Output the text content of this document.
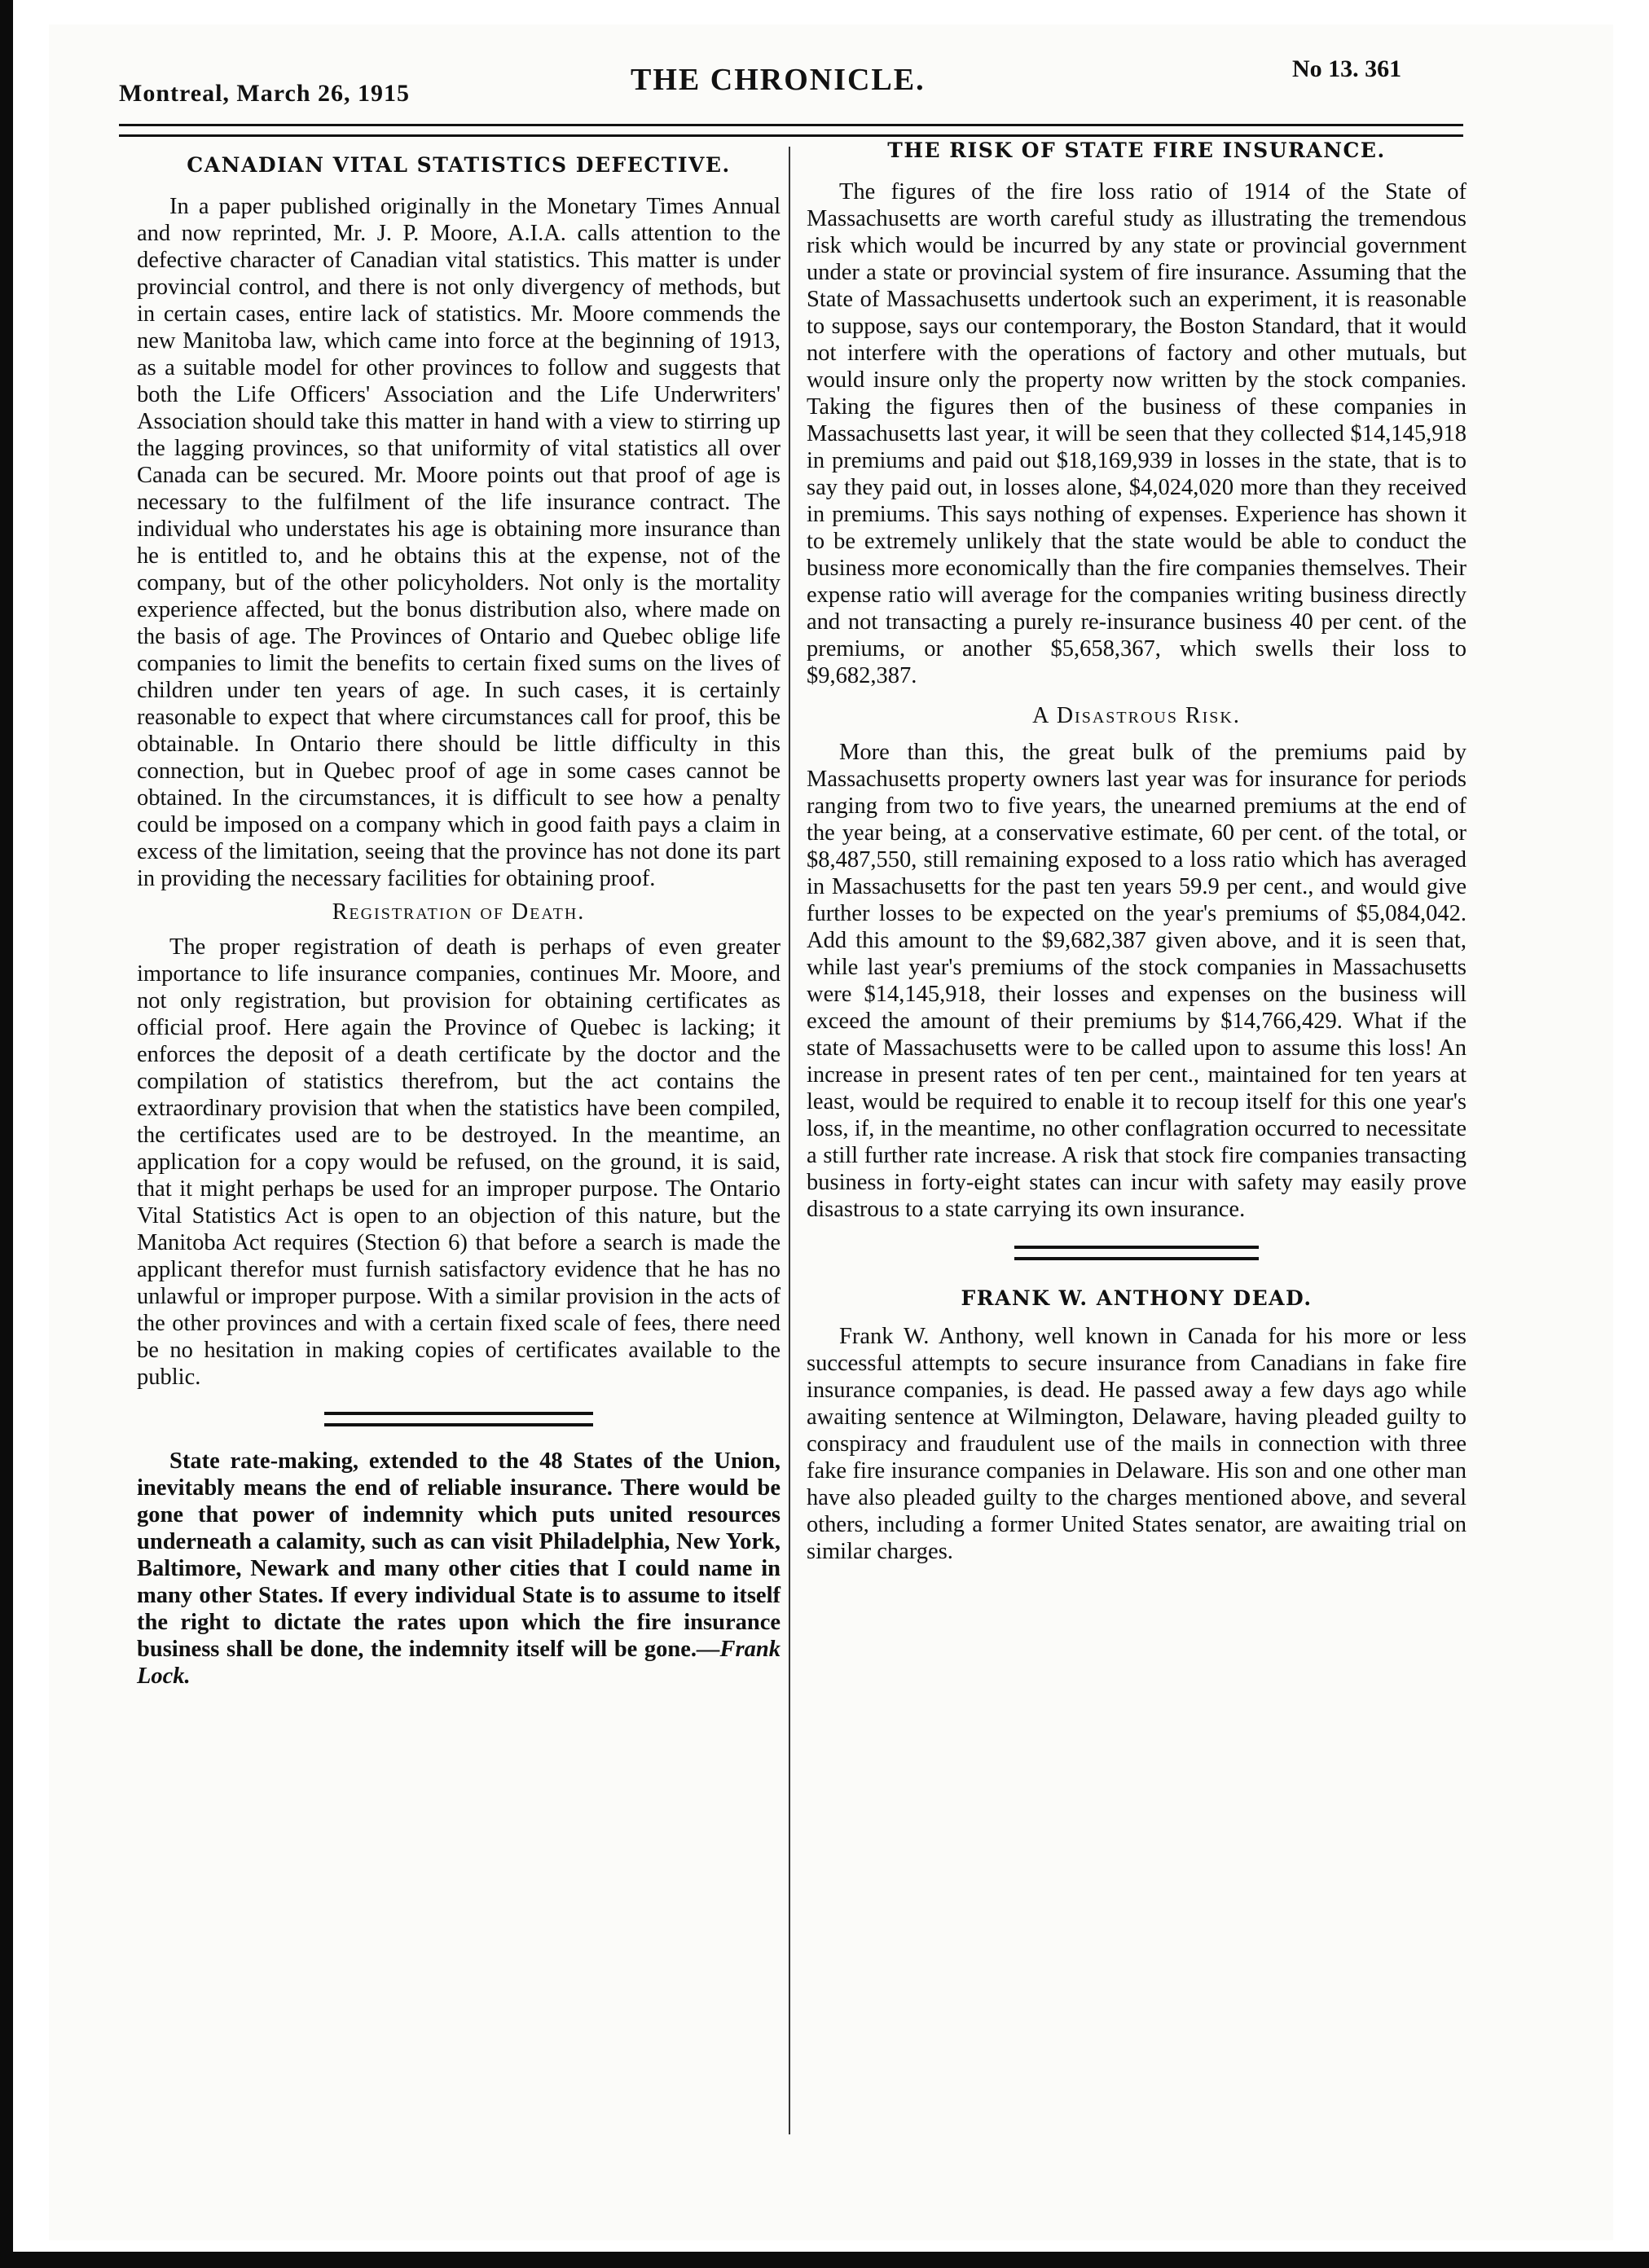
Montreal, March 26, 1915	THE CHRONICLE.	No 13. 361
CANADIAN VITAL STATISTICS DEFECTIVE.

In a paper published originally in the Monetary Times Annual and now reprinted, Mr. J. P. Moore, A.I.A. calls attention to the defective character of Canadian vital statistics. This matter is under provincial control, and there is not only divergency of methods, but in certain cases, entire lack of statistics. Mr. Moore commends the new Manitoba law, which came into force at the beginning of 1913, as a suitable model for other provinces to follow and suggests that both the Life Officers' Association and the Life Underwriters' Association should take this matter in hand with a view to stirring up the lagging provinces, so that uniformity of vital statistics all over Canada can be secured. Mr. Moore points out that proof of age is necessary to the fulfilment of the life insurance contract. The individual who understates his age is obtaining more insurance than he is entitled to, and he obtains this at the expense, not of the company, but of the other policyholders. Not only is the mortality experience affected, but the bonus distribution also, where made on the basis of age. The Provinces of Ontario and Quebec oblige life companies to limit the benefits to certain fixed sums on the lives of children under ten years of age. In such cases, it is certainly reasonable to expect that where circumstances call for proof, this be obtainable. In Ontario there should be little difficulty in this connection, but in Quebec proof of age in some cases cannot be obtained. In the circumstances, it is difficult to see how a penalty could be imposed on a company which in good faith pays a claim in excess of the limitation, seeing that the province has not done its part in providing the necessary facilities for obtaining proof.

Registration of Death.

The proper registration of death is perhaps of even greater importance to life insurance companies, continues Mr. Moore, and not only registration, but provision for obtaining certificates as official proof. Here again the Province of Quebec is lacking; it enforces the deposit of a death certificate by the doctor and the compilation of statistics therefrom, but the act contains the extraordinary provision that when the statistics have been compiled, the certificates used are to be destroyed. In the meantime, an application for a copy would be refused, on the ground, it is said, that it might perhaps be used for an improper purpose. The Ontario Vital Statistics Act is open to an objection of this nature, but the Manitoba Act requires (Stection 6) that before a search is made the applicant therefor must furnish satisfactory evidence that he has no unlawful or improper purpose. With a similar provision in the acts of the other provinces and with a certain fixed scale of fees, there need be no hesitation in making copies of certificates available to the public.

State rate-making, extended to the 48 States of the Union, inevitably means the end of reliable insurance. There would be gone that power of indemnity which puts united resources underneath a calamity, such as can visit Philadelphia, New York, Baltimore, Newark and many other cities that I could name in many other States. If every individual State is to assume to itself the right to dictate the rates upon which the fire insurance business shall be done, the indemnity itself will be gone.—Frank Lock.

THE RISK OF STATE FIRE INSURANCE.

The figures of the fire loss ratio of 1914 of the State of Massachusetts are worth careful study as illustrating the tremendous risk which would be incurred by any state or provincial government under a state or provincial system of fire insurance. Assuming that the State of Massachusetts undertook such an experiment, it is reasonable to suppose, says our contemporary, the Boston Standard, that it would not interfere with the operations of factory and other mutuals, but would insure only the property now written by the stock companies. Taking the figures then of the business of these companies in Massachusetts last year, it will be seen that they collected $14,145,918 in premiums and paid out $18,169,939 in losses in the state, that is to say they paid out, in losses alone, $4,024,020 more than they received in premiums. This says nothing of expenses. Experience has shown it to be extremely unlikely that the state would be able to conduct the business more economically than the fire companies themselves. Their expense ratio will average for the companies writing business directly and not transacting a purely re-insurance business 40 per cent. of the premiums, or another $5,658,367, which swells their loss to $9,682,387.

A Disastrous Risk.

More than this, the great bulk of the premiums paid by Massachusetts property owners last year was for insurance for periods ranging from two to five years, the unearned premiums at the end of the year being, at a conservative estimate, 60 per cent. of the total, or $8,487,550, still remaining exposed to a loss ratio which has averaged in Massachusetts for the past ten years 59.9 per cent., and would give further losses to be expected on the year's premiums of $5,084,042. Add this amount to the $9,682,387 given above, and it is seen that, while last year's premiums of the stock companies in Massachusetts were $14,145,918, their losses and expenses on the business will exceed the amount of their premiums by $14,766,429. What if the state of Massachusetts were to be called upon to assume this loss! An increase in present rates of ten per cent., maintained for ten years at least, would be required to enable it to recoup itself for this one year's loss, if, in the meantime, no other conflagration occurred to necessitate a still further rate increase. A risk that stock fire companies transacting business in forty-eight states can incur with safety may easily prove disastrous to a state carrying its own insurance.

FRANK W. ANTHONY DEAD.

Frank W. Anthony, well known in Canada for his more or less successful attempts to secure insurance from Canadians in fake fire insurance companies, is dead. He passed away a few days ago while awaiting sentence at Wilmington, Delaware, having pleaded guilty to conspiracy and fraudulent use of the mails in connection with three fake fire insurance companies in Delaware. His son and one other man have also pleaded guilty to the charges mentioned above, and several others, including a former United States senator, are awaiting trial on similar charges.
